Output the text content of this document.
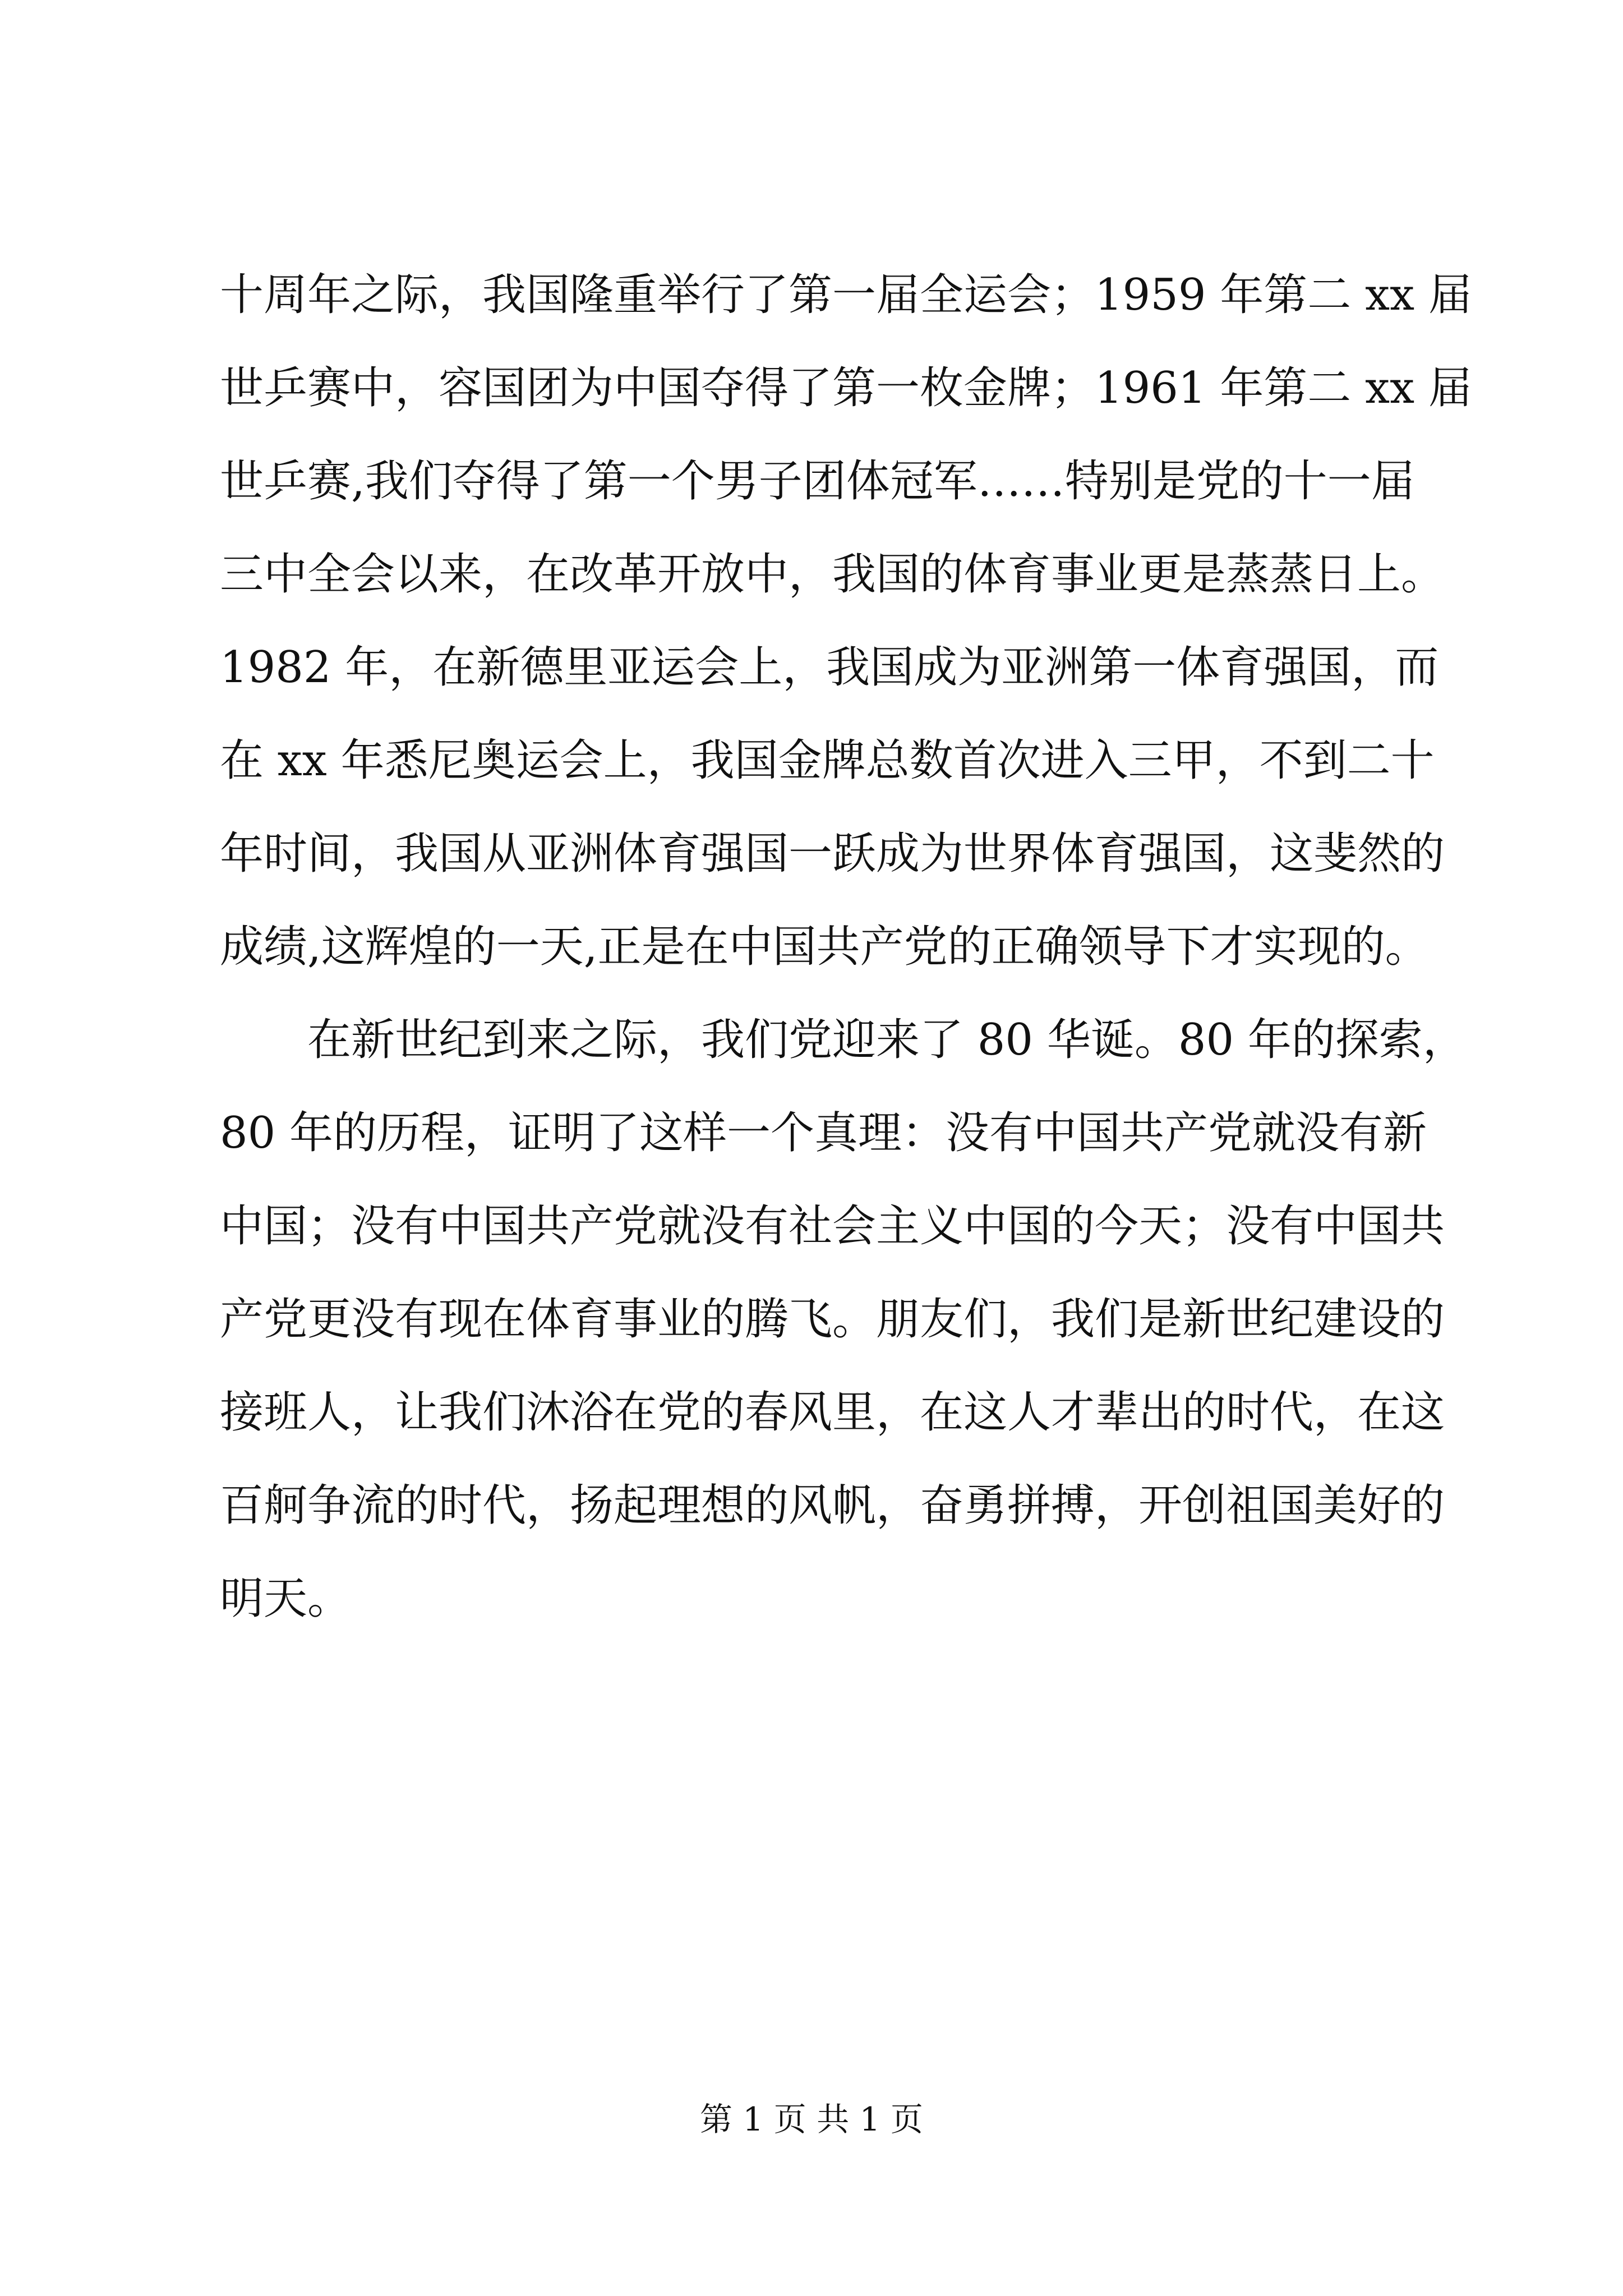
十周年之际，我国隆重举行了第一届全运会；1959 年第二 xx 届
世乒赛中，容国团为中国夺得了第一枚金牌；1961 年第二 xx 届
世乒赛,我们夺得了第一个男子团体冠军……特别是党的十一届
三中全会以来，在改革开放中，我国的体育事业更是蒸蒸日上。
1982 年，在新德里亚运会上，我国成为亚洲第一体育强国，而
在 xx 年悉尼奥运会上，我国金牌总数首次进入三甲，不到二十
年时间，我国从亚洲体育强国一跃成为世界体育强国，这斐然的
成绩,这辉煌的一天,正是在中国共产党的正确领导下才实现的。
在新世纪到来之际，我们党迎来了 80 华诞。80 年的探索，
80 年的历程，证明了这样一个真理：没有中国共产党就没有新
中国；没有中国共产党就没有社会主义中国的今天；没有中国共
产党更没有现在体育事业的腾飞。朋友们，我们是新世纪建设的
接班人，让我们沐浴在党的春风里，在这人才辈出的时代，在这
百舸争流的时代，扬起理想的风帆，奋勇拼搏，开创祖国美好的
明天。
第 1 页 共 1 页
